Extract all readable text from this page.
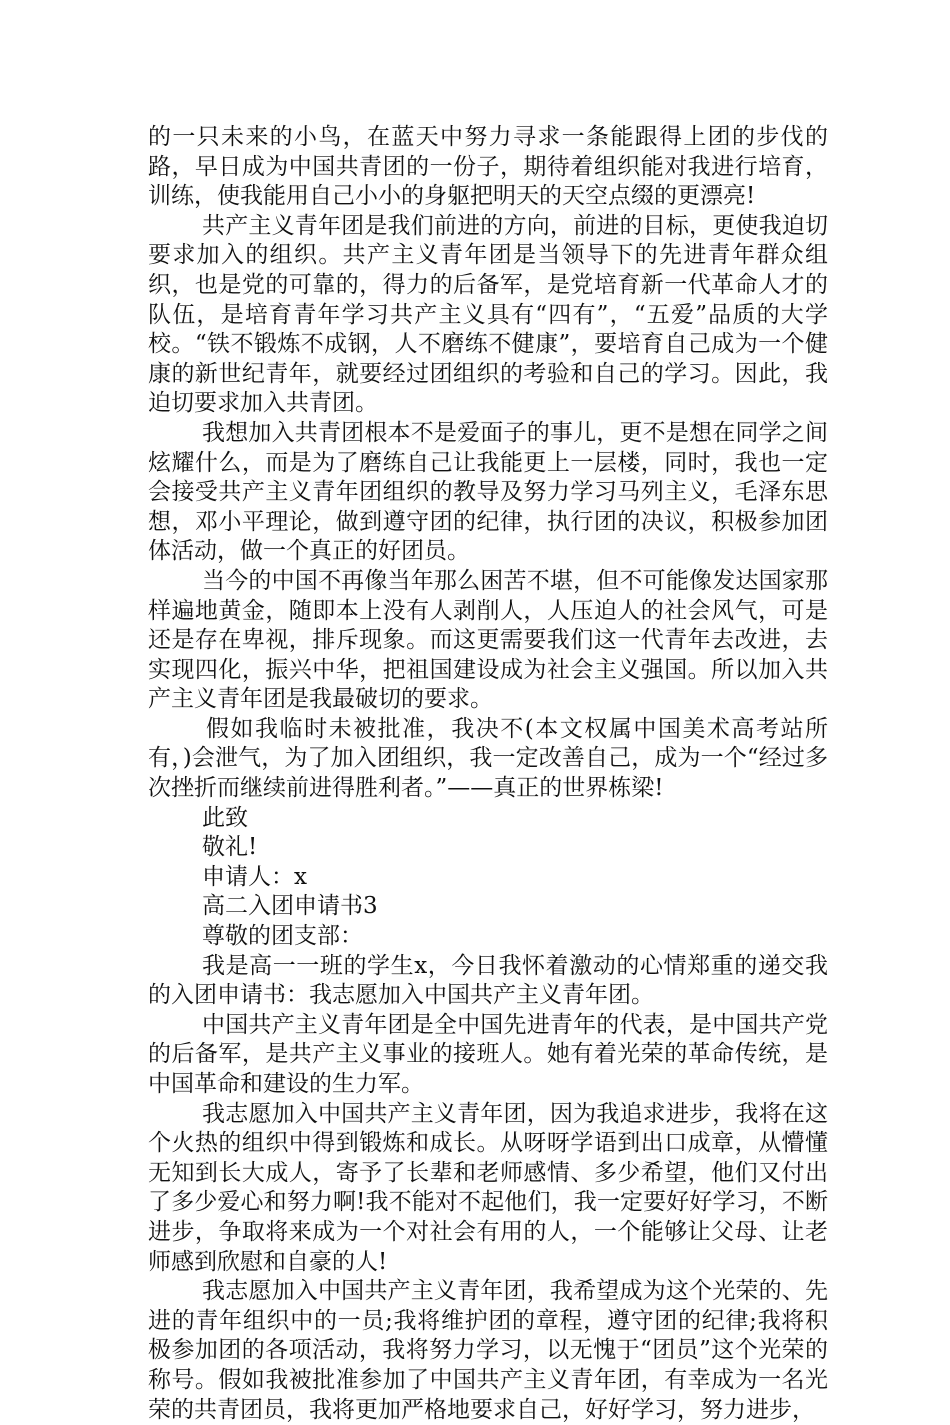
的一只未来的小鸟，在蓝天中努力寻求一条能跟得上团的步伐的路，早日成为中国共青团的一份子，期待着组织能对我进行培育，训练，使我能用自己小小的身躯把明天的天空点缀的更漂亮!

共产主义青年团是我们前进的方向，前进的目标，更使我迫切要求加入的组织。共产主义青年团是当领导下的先进青年群众组织，也是党的可靠的，得力的后备军，是党培育新一代革命人才的队伍，是培育青年学习共产主义具有“四有”，“五爱”品质的大学校。“铁不锻炼不成钢，人不磨练不健康”，要培育自己成为一个健康的新世纪青年，就要经过团组织的考验和自己的学习。因此，我迫切要求加入共青团。

我想加入共青团根本不是爱面子的事儿，更不是想在同学之间炫耀什么，而是为了磨练自己让我能更上一层楼，同时，我也一定会接受共产主义青年团组织的教导及努力学习马列主义，毛泽东思想，邓小平理论，做到遵守团的纪律，执行团的决议，积极参加团体活动，做一个真正的好团员。

当今的中国不再像当年那么困苦不堪，但不可能像发达国家那样遍地黄金，随即本上没有人剥削人，人压迫人的社会风气，可是还是存在卑视，排斥现象。而这更需要我们这一代青年去改进，去实现四化，振兴中华，把祖国建设成为社会主义强国。所以加入共产主义青年团是我最破切的要求。

假如我临时未被批准，我决不(本文权属中国美术高考站所有，)会泄气，为了加入团组织，我一定改善自己，成为一个“经过多次挫折而继续前进得胜利者。”——真正的世界栋梁!

此致

敬礼!

申请人：x

高二入团申请书3

尊敬的团支部：

我是高一一班的学生x，今日我怀着激动的心情郑重的递交我的入团申请书：我志愿加入中国共产主义青年团。

中国共产主义青年团是全中国先进青年的代表，是中国共产党的后备军，是共产主义事业的接班人。她有着光荣的革命传统，是中国革命和建设的生力军。

我志愿加入中国共产主义青年团，因为我追求进步，我将在这个火热的组织中得到锻炼和成长。从呀呀学语到出口成章，从懵懂无知到长大成人，寄予了长辈和老师感情、多少希望，他们又付出了多少爱心和努力啊!我不能对不起他们，我一定要好好学习，不断进步，争取将来成为一个对社会有用的人，一个能够让父母、让老师感到欣慰和自豪的人!

我志愿加入中国共产主义青年团，我希望成为这个光荣的、先进的青年组织中的一员;我将维护团的章程，遵守团的纪律;我将积极参加团的各项活动，我将努力学习，以无愧于“团员”这个光荣的称号。假如我被批准参加了中国共产主义青年团，有幸成为一名光荣的共青团员，我将更加严格地要求自己，好好学习，努力进步，
